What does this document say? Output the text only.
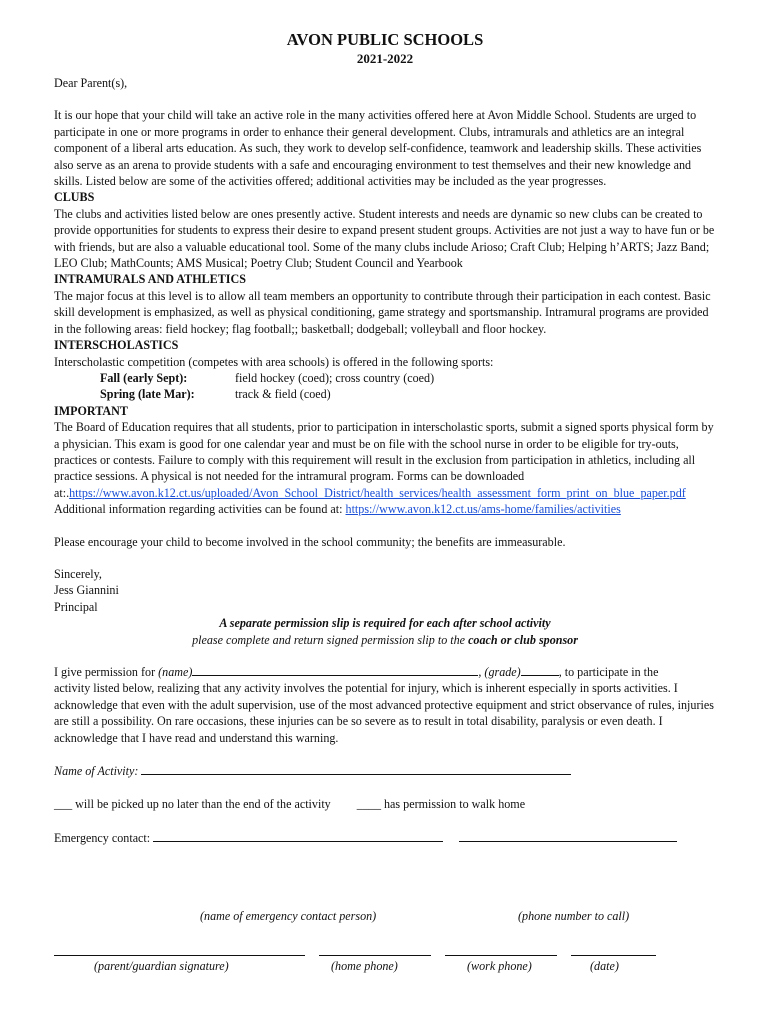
AVON PUBLIC SCHOOLS
2021-2022

Dear Parent(s),

It is our hope that your child will take an active role in the many activities offered here at Avon Middle School. Students are urged to participate in one or more programs in order to enhance their general development. Clubs, intramurals and athletics are an integral component of a liberal arts education. As such, they work to develop self-confidence, teamwork and leadership skills. These activities also serve as an arena to provide students with a safe and encouraging environment to test themselves and their new knowledge and skills. Listed below are some of the activities offered; additional activities may be included as the year progresses.

CLUBS

The clubs and activities listed below are ones presently active. Student interests and needs are dynamic so new clubs can be created to provide opportunities for students to express their desire to expand present student groups. Activities are not just a way to have fun or be with friends, but are also a valuable educational tool. Some of the many clubs include Arioso; Craft Club; Helping h’ARTS; Jazz Band; LEO Club; MathCounts; AMS Musical; Poetry Club; Student Council and Yearbook

INTRAMURALS AND ATHLETICS

The major focus at this level is to allow all team members an opportunity to contribute through their participation in each contest. Basic skill development is emphasized, as well as physical conditioning, game strategy and sportsmanship. Intramural programs are provided in the following areas: field hockey; flag football;; basketball; dodgeball; volleyball and floor hockey.

INTERSCHOLASTICS

Interscholastic competition (competes with area schools) is offered in the following sports:

Fall (early Sept):	field hockey (coed); cross country (coed)
Spring (late Mar):	track & field (coed)

IMPORTANT

The Board of Education requires that all students, prior to participation in interscholastic sports, submit a signed sports physical form by a physician. This exam is good for one calendar year and must be on file with the school nurse in order to be eligible for try-outs, practices or contests. Failure to comply with this requirement will result in the exclusion from participation in athletics, including all practice sessions. A physical is not needed for the intramural program. Forms can be downloaded

at:.https://www.avon.k12.ct.us/uploaded/Avon_School_District/health_services/health_assessment_form_print_on_blue_paper.pdf

Additional information regarding activities can be found at: https://www.avon.k12.ct.us/ams-home/families/activities

Please encourage your child to become involved in the school community; the benefits are immeasurable.

Sincerely,

Jess Giannini

Principal

A separate permission slip is required for each after school activity

please complete and return signed permission slip to the coach or club sponsor

I give permission for (name)	, (grade)	, to participate in the

activity listed below, realizing that any activity involves the potential for injury, which is inherent especially in sports activities. I acknowledge that even with the adult supervision, use of the most advanced protective equipment and strict observance of rules, injuries are still a possibility. On rare occasions, these injuries can be so severe as to result in total disability, paralysis or even death. I acknowledge that I have read and understand this warning.

Name of Activity:

___ will be picked up no later than the end of the activity ____ has permission to walk home

Emergency contact:

(name of emergency contact person)	(phone number to call)
(parent/guardian signature)	(home phone)	(work phone)	(date)
